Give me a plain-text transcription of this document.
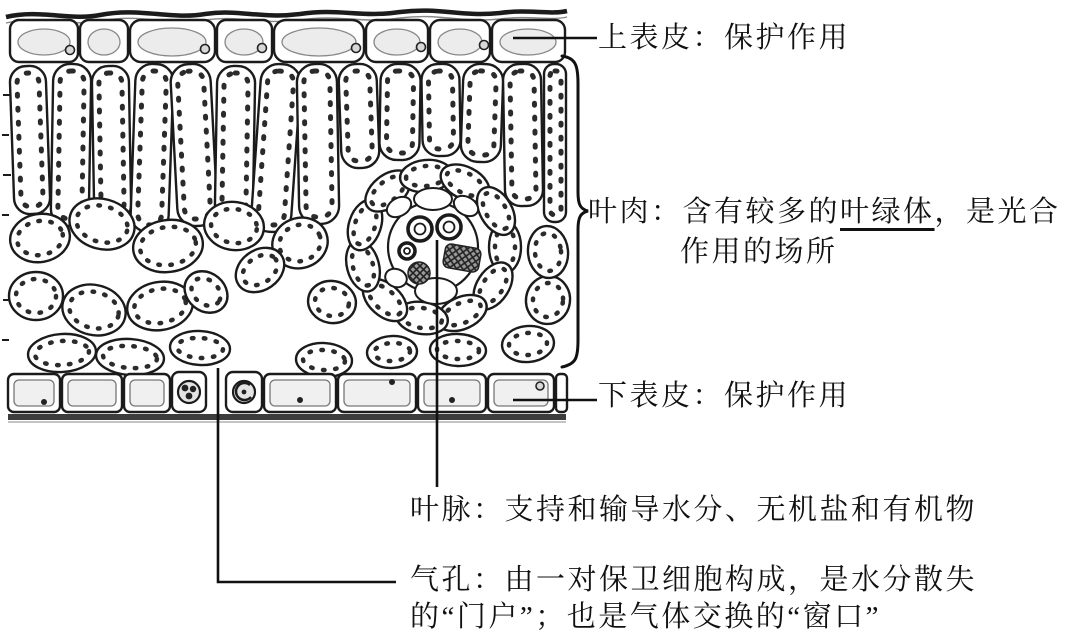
上表皮：保护作用
叶肉：含有较多的叶绿体，是光合
作用的场所
下表皮：保护作用
叶脉：支持和输导水分、无机盐和有机物
气孔：由一对保卫细胞构成，是水分散失
的“门户”；也是气体交换的“窗口”
